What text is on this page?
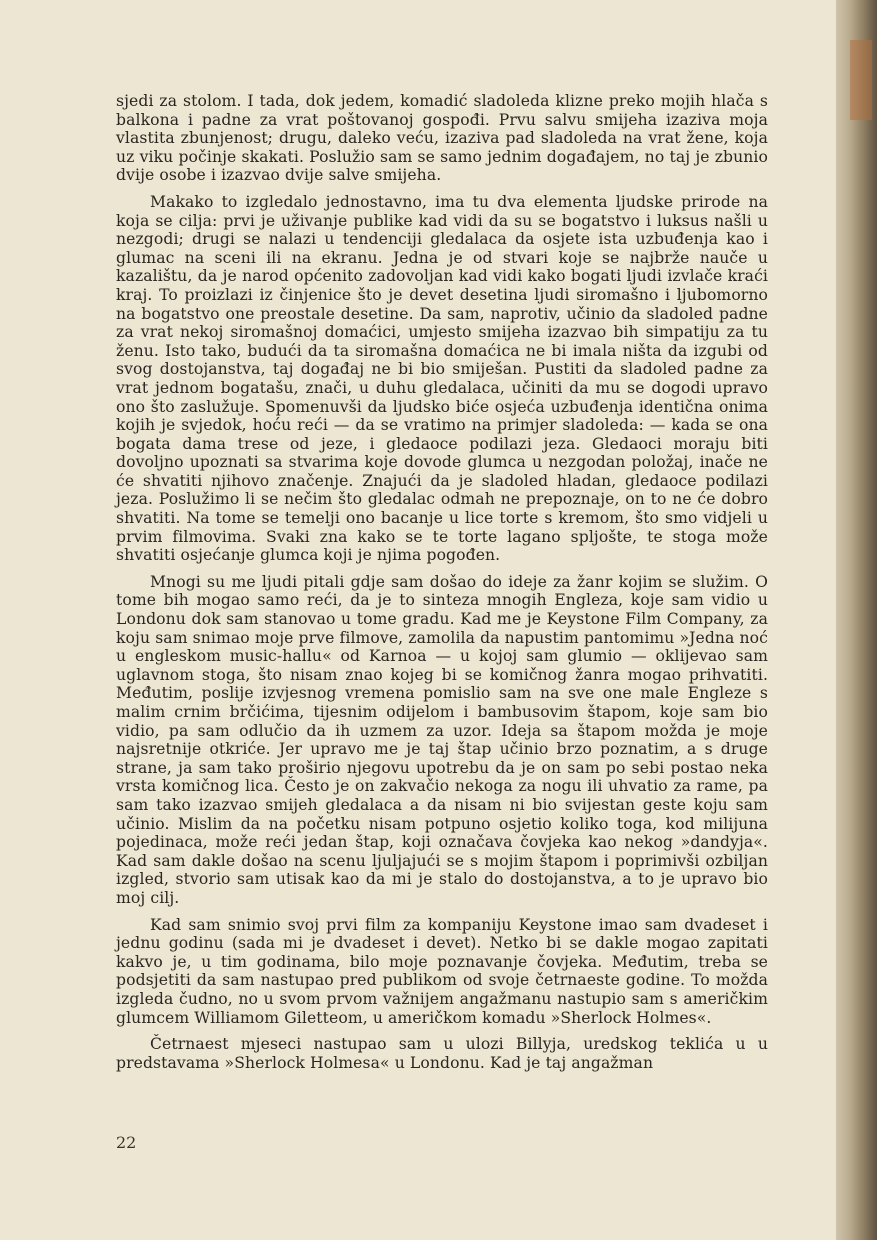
sjedi za stolom. I tada, dok jedem, komadić sladoleda klizne preko mojih hlača s balkona i padne za vrat poštovanoj gospođi. Prvu salvu smijeha izaziva moja vlastita zbunjenost; drugu, daleko veću, izaziva pad sladoleda na vrat žene, koja uz viku počinje skakati. Poslužio sam se samo jednim događajem, no taj je zbunio dvije osobe i izazvao dvije salve smijeha.

Makako to izgledalo jednostavno, ima tu dva elementa ljudske prirode na koja se cilja: prvi je uživanje publike kad vidi da su se bogatstvo i luksus našli u nezgodi; drugi se nalazi u tendenciji gledalaca da osjete ista uzbuđenja kao i glumac na sceni ili na ekranu. Jedna je od stvari koje se najbrže nauče u kazalištu, da je narod općenito zadovoljan kad vidi kako bogati ljudi izvlače kraći kraj. To proizlazi iz činjenice što je devet desetina ljudi siromašno i ljubomorno na bogatstvo one preostale desetine. Da sam, naprotiv, učinio da sladoled padne za vrat nekoj siromašnoj domaćici, umjesto smijeha izazvao bih simpatiju za tu ženu. Isto tako, budući da ta siromašna domaćica ne bi imala ništa da izgubi od svog dostojanstva, taj događaj ne bi bio smiješan. Pustiti da sladoled padne za vrat jednom bogatašu, znači, u duhu gledalaca, učiniti da mu se dogodi upravo ono što zaslužuje. Spomenuvši da ljudsko biće osjeća uzbuđenja identična onima kojih je svjedok, hoću reći — da se vratimo na primjer sladoleda: — kada se ona bogata dama trese od jeze, i gledaoce podilazi jeza. Gledaoci moraju biti dovoljno upoznati sa stvarima koje dovode glumca u nezgodan položaj, inače ne će shvatiti njihovo značenje. Znajući da je sladoled hladan, gledaoce podilazi jeza. Poslužimo li se nečim što gledalac odmah ne prepoznaje, on to ne će dobro shvatiti. Na tome se temelji ono bacanje u lice torte s kremom, što smo vidjeli u prvim filmovima. Svaki zna kako se te torte lagano spljošte, te stoga može shvatiti osjećanje glumca koji je njima pogođen.

Mnogi su me ljudi pitali gdje sam došao do ideje za žanr kojim se služim. O tome bih mogao samo reći, da je to sinteza mnogih Engleza, koje sam vidio u Londonu dok sam stanovao u tome gradu. Kad me je Keystone Film Company, za koju sam snimao moje prve filmove, zamolila da napustim pantomimu »Jedna noć u engleskom music-hallu« od Karnoa — u kojoj sam glumio — oklijevao sam uglavnom stoga, što nisam znao kojeg bi se komičnog žanra mogao prihvatiti. Međutim, poslije izvjesnog vremena pomislio sam na sve one male Engleze s malim crnim brčićima, tijesnim odijelom i bambusovim štapom, koje sam bio vidio, pa sam odlučio da ih uzmem za uzor. Ideja sa štapom možda je moje najsretnije otkriće. Jer upravo me je taj štap učinio brzo poznatim, a s druge strane, ja sam tako proširio njegovu upotrebu da je on sam po sebi postao neka vrsta komičnog lica. Često je on zakvačio nekoga za nogu ili uhvatio za rame, pa sam tako izazvao smijeh gledalaca a da nisam ni bio svijestan geste koju sam učinio. Mislim da na početku nisam potpuno osjetio koliko toga, kod milijuna pojedinaca, može reći jedan štap, koji označava čovjeka kao nekog »dandyja«. Kad sam dakle došao na scenu ljuljajući se s mojim štapom i poprimivši ozbiljan izgled, stvorio sam utisak kao da mi je stalo do dostojanstva, a to je upravo bio moj cilj.

Kad sam snimio svoj prvi film za kompaniju Keystone imao sam dvadeset i jednu godinu (sada mi je dvadeset i devet). Netko bi se dakle mogao zapitati kakvo je, u tim godinama, bilo moje poznavanje čovjeka. Međutim, treba se podsjetiti da sam nastupao pred publikom od svoje četrnaeste godine. To možda izgleda čudno, no u svom prvom važnijem angažmanu nastupio sam s američkim glumcem Williamom Giletteom, u američkom komadu »Sherlock Holmes«.

Četrnaest mjeseci nastupao sam u ulozi Billyja, uredskog teklića u u predstavama »Sherlock Holmesa« u Londonu. Kad je taj angažman

22
